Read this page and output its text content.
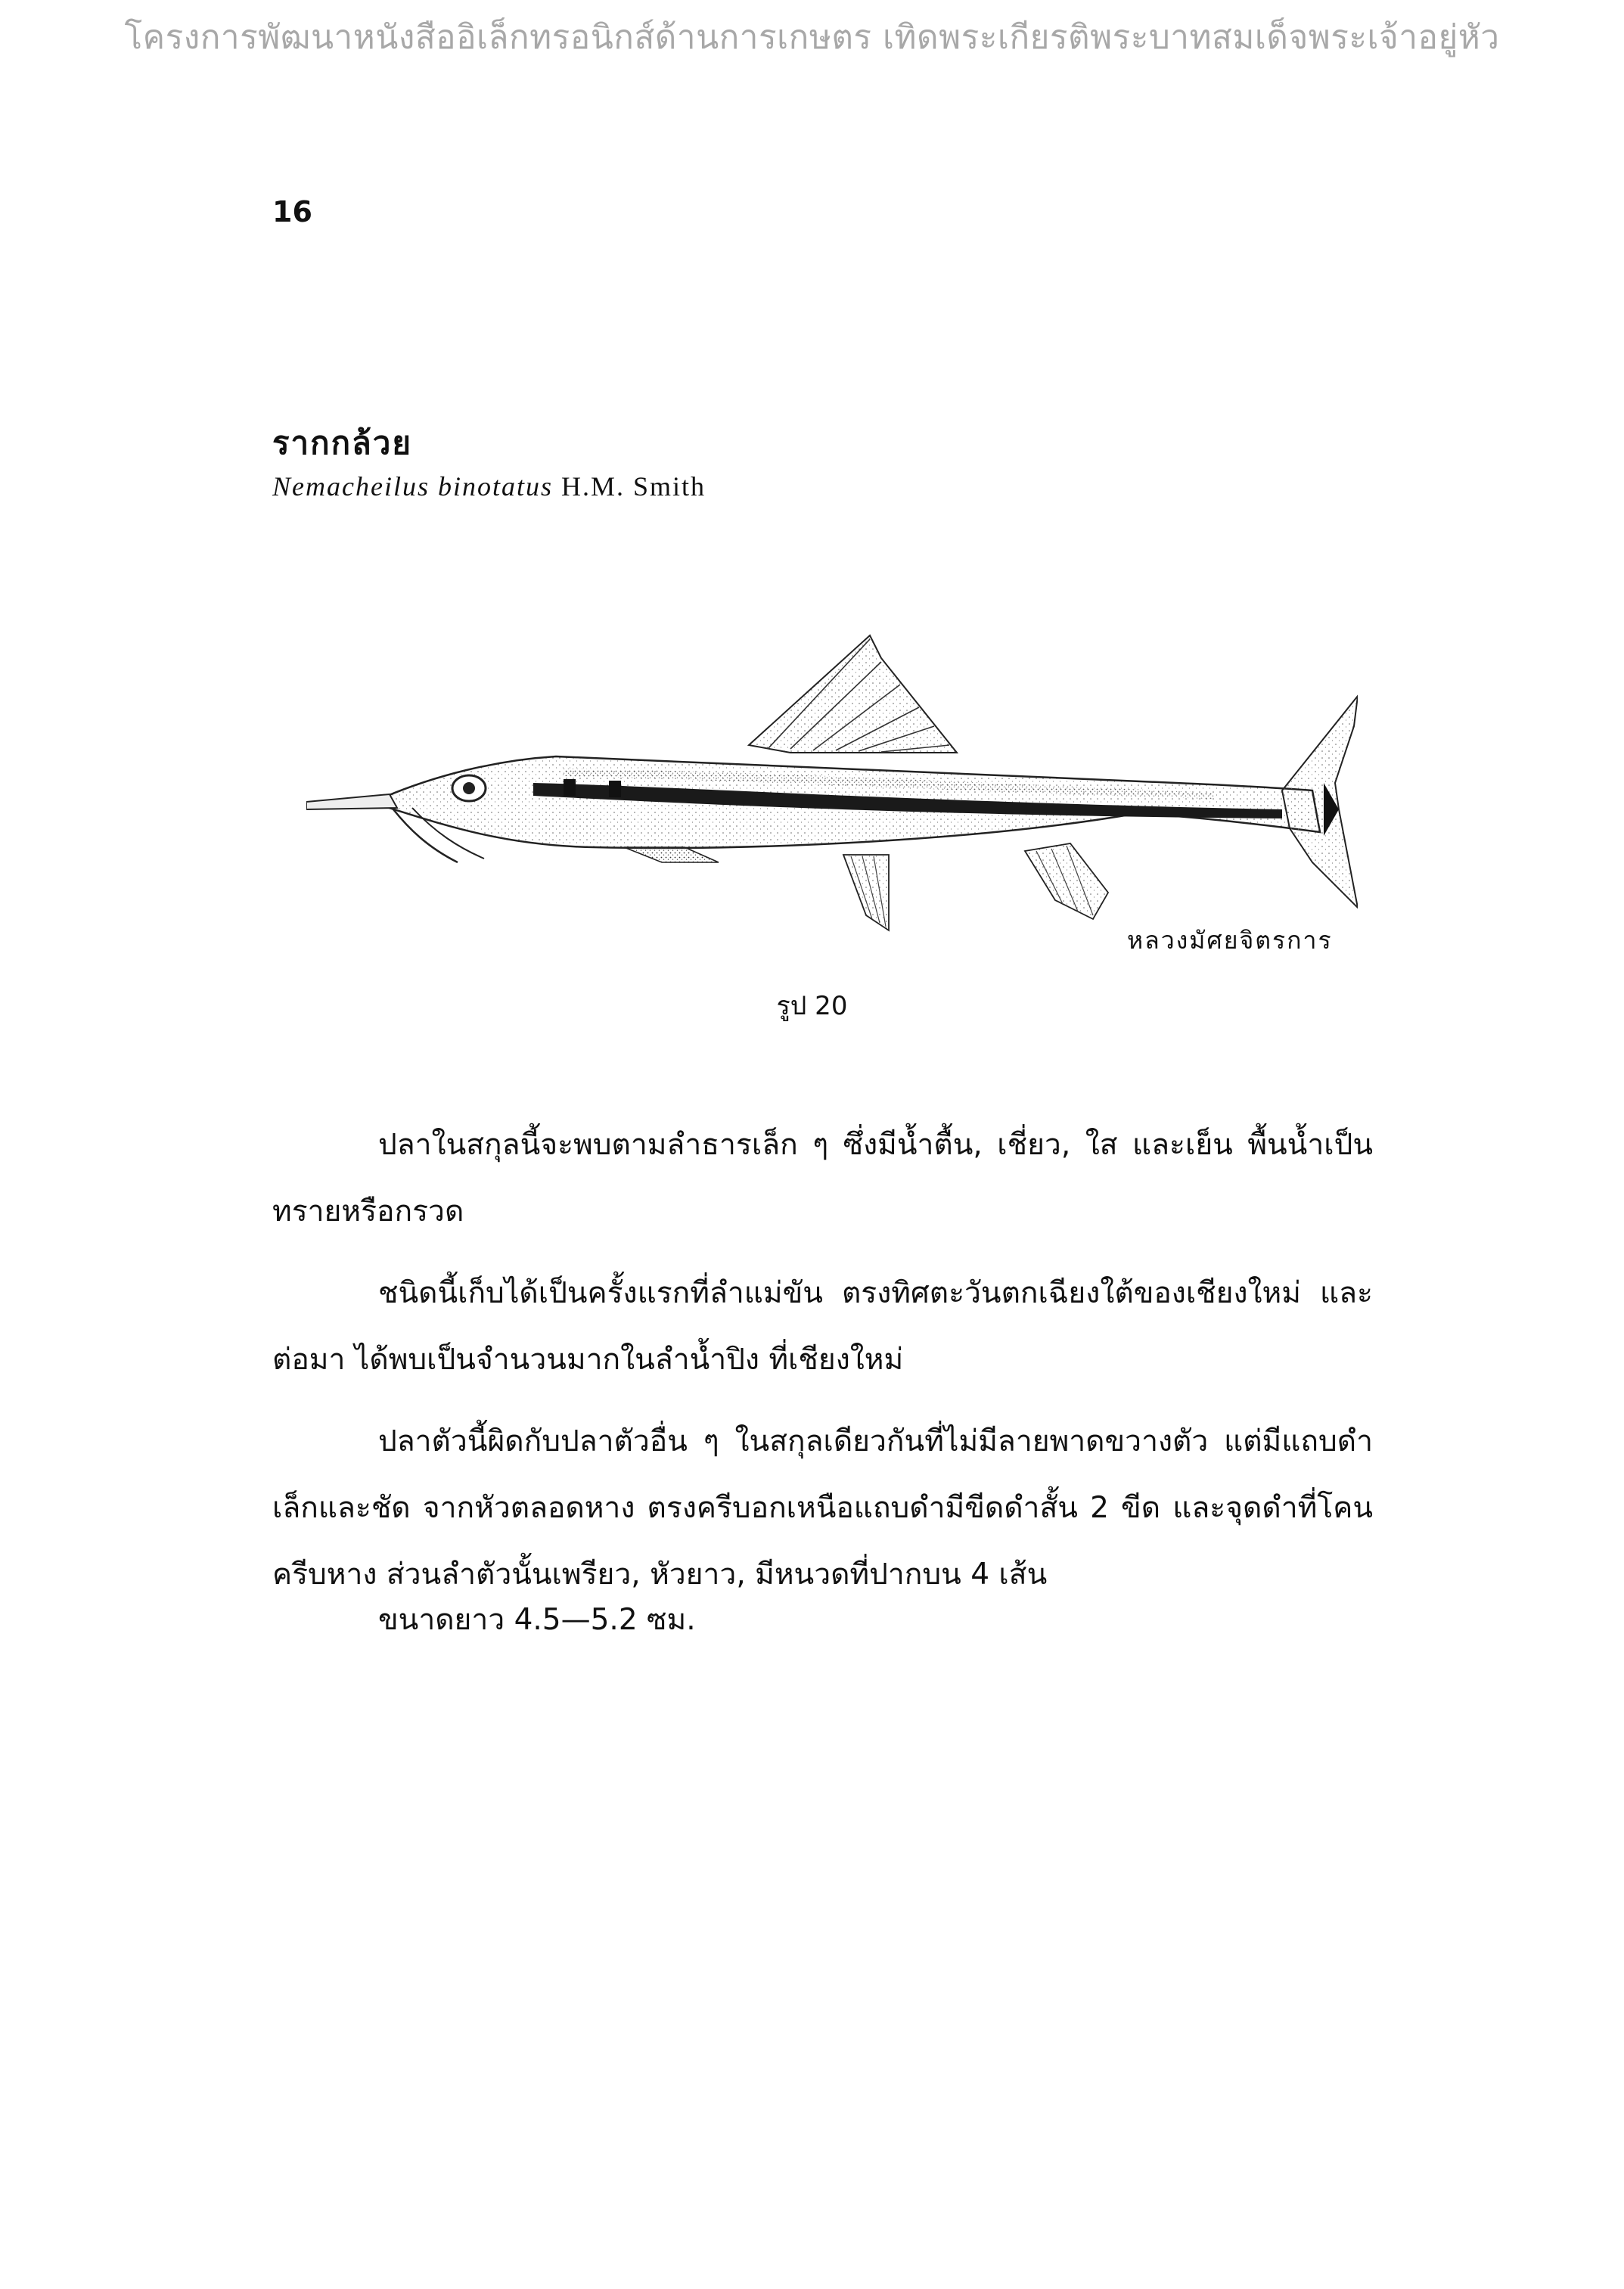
โครงการพัฒนาหนังสืออิเล็กทรอนิกส์ด้านการเกษตร เทิดพระเกียรติพระบาทสมเด็จพระเจ้าอยู่หัว
16
รากกล้วย
Nemacheilus binotatus H.M. Smith
หลวงมัศยจิตรการ
รูป 20

ปลาในสกุลนี้จะพบตามลำธารเล็ก ๆ ซึ่งมีน้ำตื้น, เชี่ยว, ใส และเย็น พื้นน้ำเป็นทรายหรือกรวด

ชนิดนี้เก็บได้เป็นครั้งแรกที่ลำแม่ขัน ตรงทิศตะวันตกเฉียงใต้ของเชียงใหม่ และต่อมา ได้พบเป็นจำนวนมากในลำน้ำปิง ที่เชียงใหม่

ปลาตัวนี้ผิดกับปลาตัวอื่น ๆ ในสกุลเดียวกันที่ไม่มีลายพาดขวางตัว แต่มีแถบดำเล็กและชัด จากหัวตลอดหาง ตรงครีบอกเหนือแถบดำมีขีดดำสั้น 2 ขีด และจุดดำที่โคนครีบหาง ส่วนลำตัวนั้นเพรียว, หัวยาว, มีหนวดที่ปากบน 4 เส้น

ขนาดยาว 4.5—5.2 ซม.
